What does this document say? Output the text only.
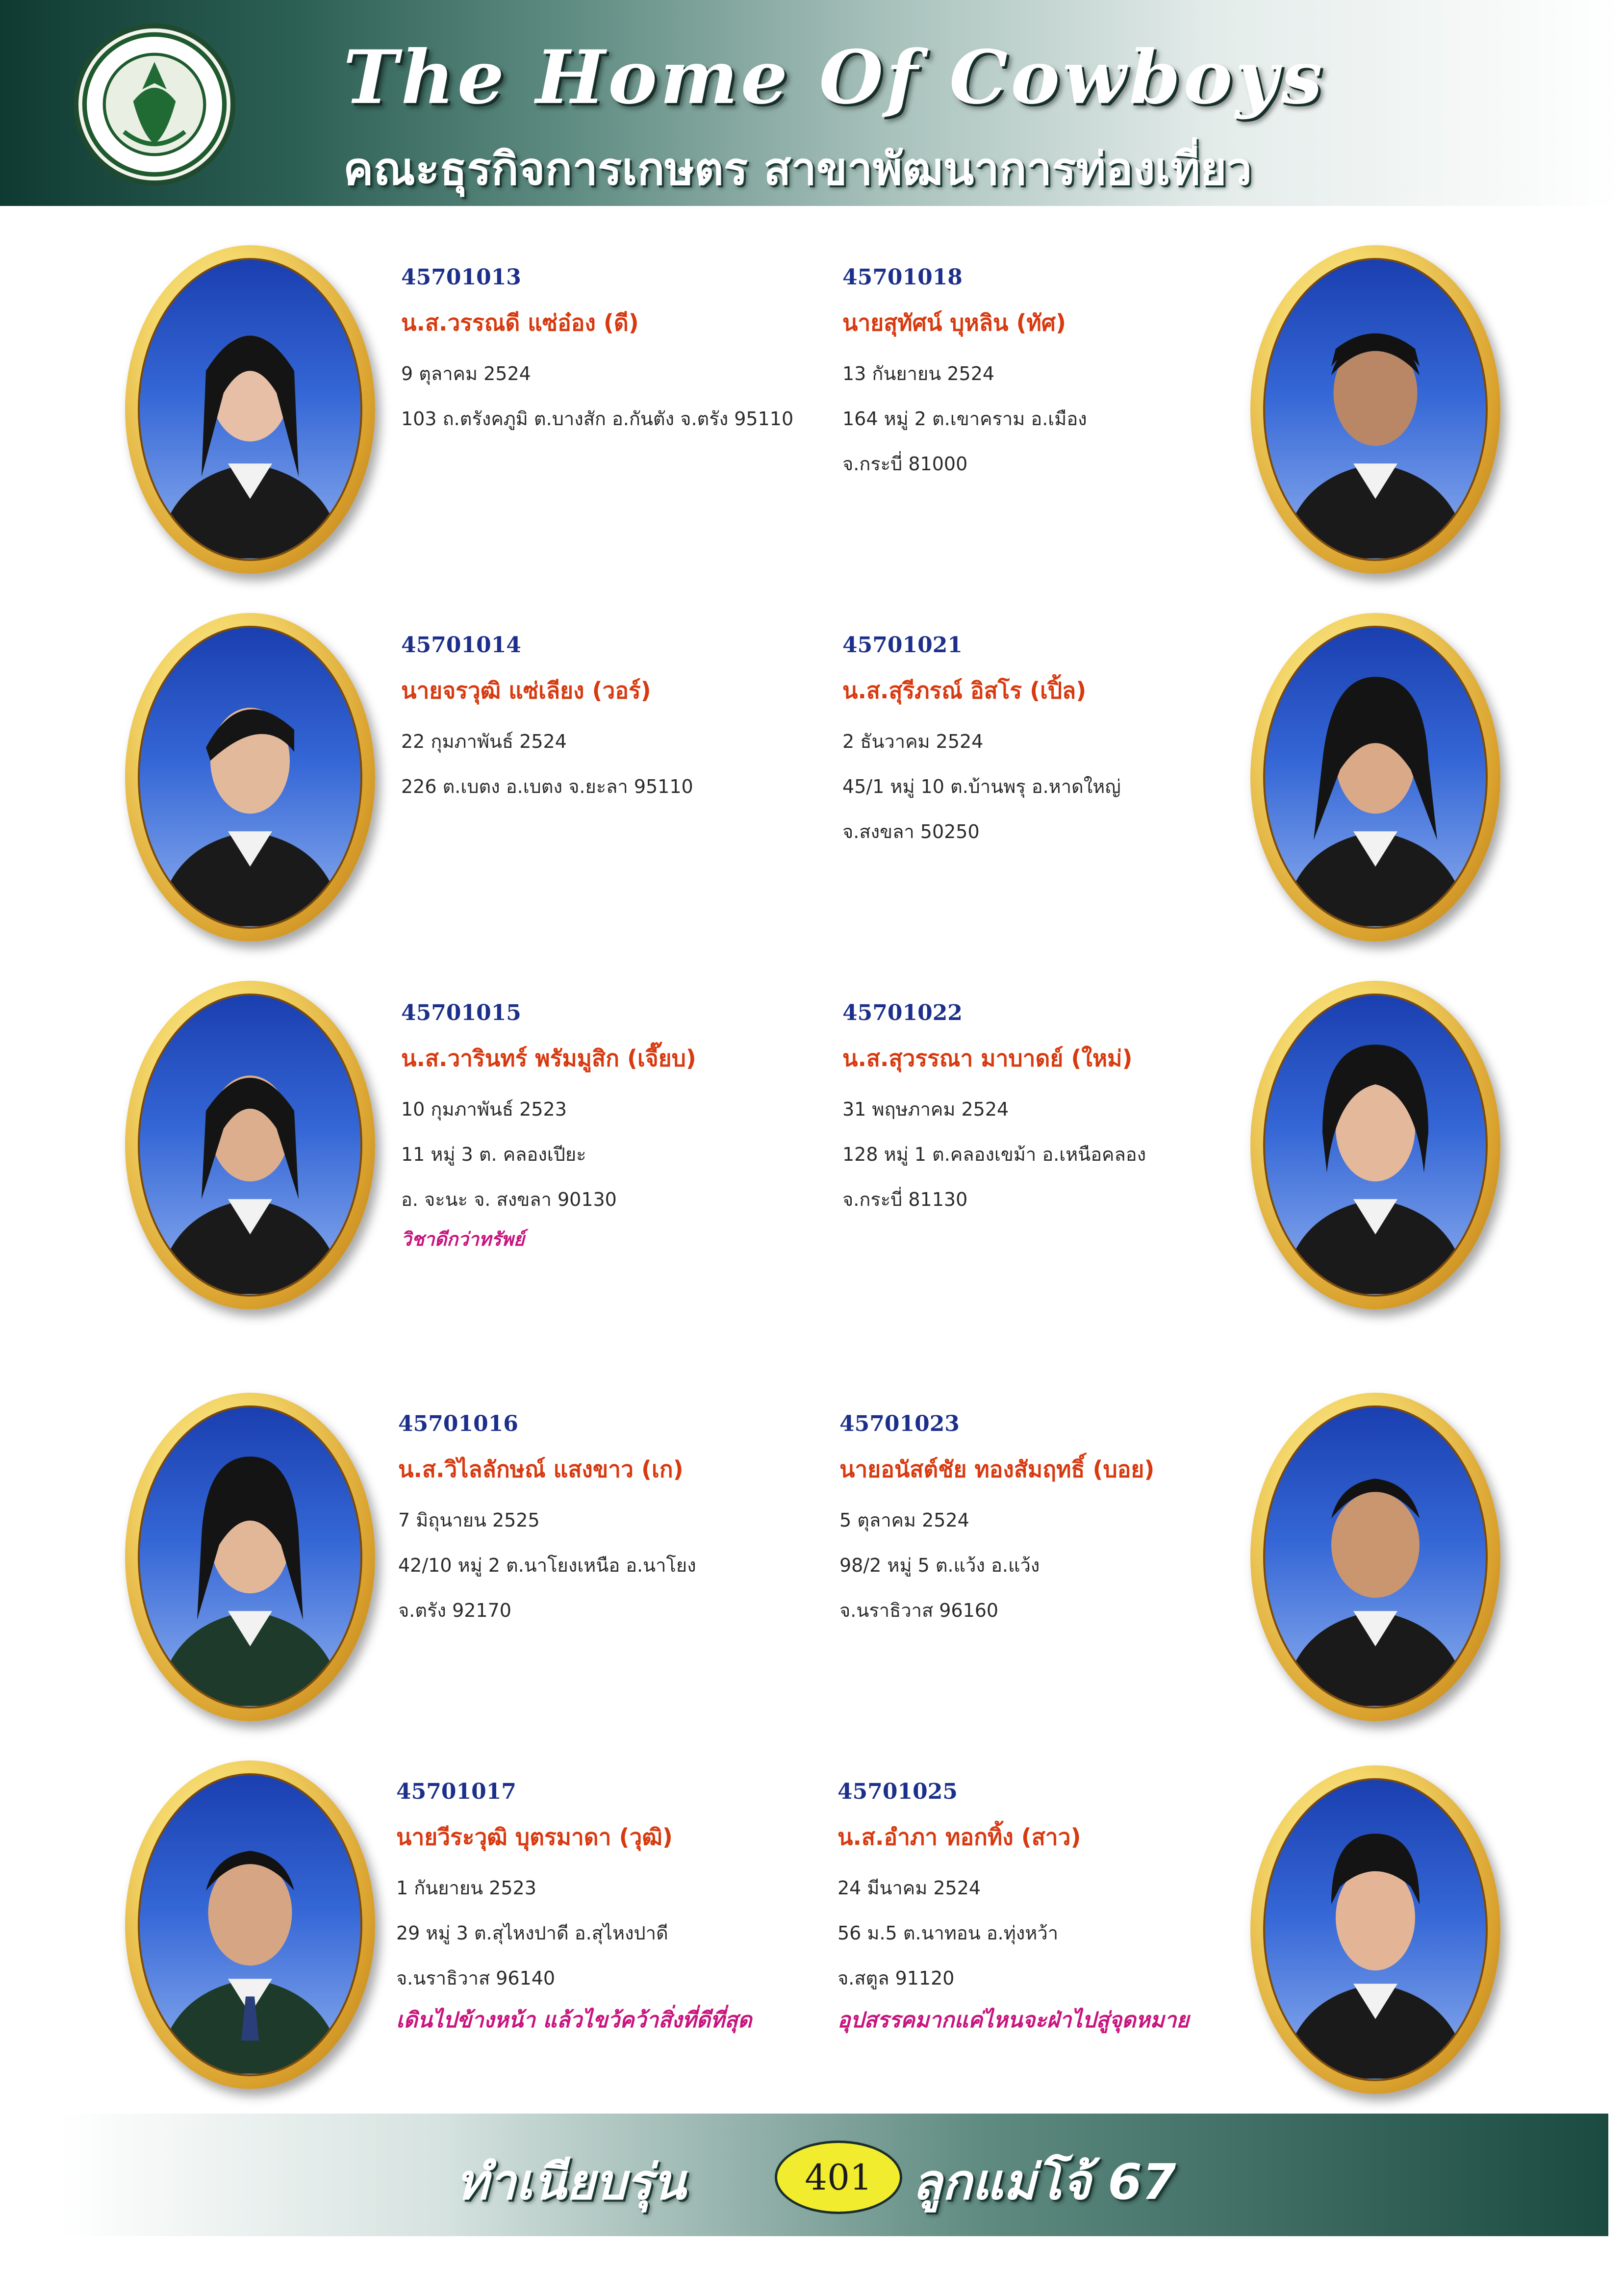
The Home Of Cowboys
คณะธุรกิจการเกษตร สาขาพัฒนาการท่องเที่ยว
45701013
น.ส.วรรณดี แซ่อ๋อง (ดี)
9 ตุลาคม 2524
103 ถ.ตรังคภูมิ ต.บางสัก อ.กันตัง จ.ตรัง 95110
45701018
นายสุทัศน์ บุหลิน (ทัศ)
13 กันยายน 2524
164 หมู่ 2 ต.เขาคราม อ.เมือง
จ.กระบี่ 81000
45701014
นายจรวุฒิ แซ่เลียง (วอร์)
22 กุมภาพันธ์ 2524
226 ต.เบตง อ.เบตง จ.ยะลา 95110
45701021
น.ส.สุรีภรณ์ อิสโร (เปิ้ล)
2 ธันวาคม 2524
45/1 หมู่ 10 ต.บ้านพรุ อ.หาดใหญ่
จ.สงขลา 50250
45701015
น.ส.วารินทร์ พรัมมูสิก (เจี๊ยบ)
10 กุมภาพันธ์ 2523
11 หมู่ 3 ต. คลองเปียะ
อ. จะนะ จ. สงขลา 90130
วิชาดีกว่าทรัพย์
45701022
น.ส.สุวรรณา มาบาดย์ (ใหม่)
31 พฤษภาคม 2524
128 หมู่ 1 ต.คลองเขม้า อ.เหนือคลอง
จ.กระบี่ 81130
45701016
น.ส.วิไลลักษณ์ แสงขาว (เก)
7 มิถุนายน 2525
42/10 หมู่ 2 ต.นาโยงเหนือ อ.นาโยง
จ.ตรัง 92170
45701023
นายอนัสต์ชัย ทองสัมฤทธิ์ (บอย)
5 ตุลาคม 2524
98/2 หมู่ 5 ต.แว้ง อ.แว้ง
จ.นราธิวาส 96160
45701017
นายวีระวุฒิ บุตรมาดา (วุฒิ)
1 กันยายน 2523
29 หมู่ 3 ต.สุไหงปาดี อ.สุไหงปาดี
จ.นราธิวาส 96140
เดินไปข้างหน้า แล้วไขว้คว้าสิ่งที่ดีที่สุด
45701025
น.ส.อำภา ทอกทิ้ง (สาว)
24 มีนาคม 2524
56 ม.5 ต.นาทอน อ.ทุ่งหว้า
จ.สตูล 91120
อุปสรรคมากแค่ไหนจะฝ่าไปสู่จุดหมาย
ทำเนียบรุ่น	401 ลูกแม่โจ้ 67
